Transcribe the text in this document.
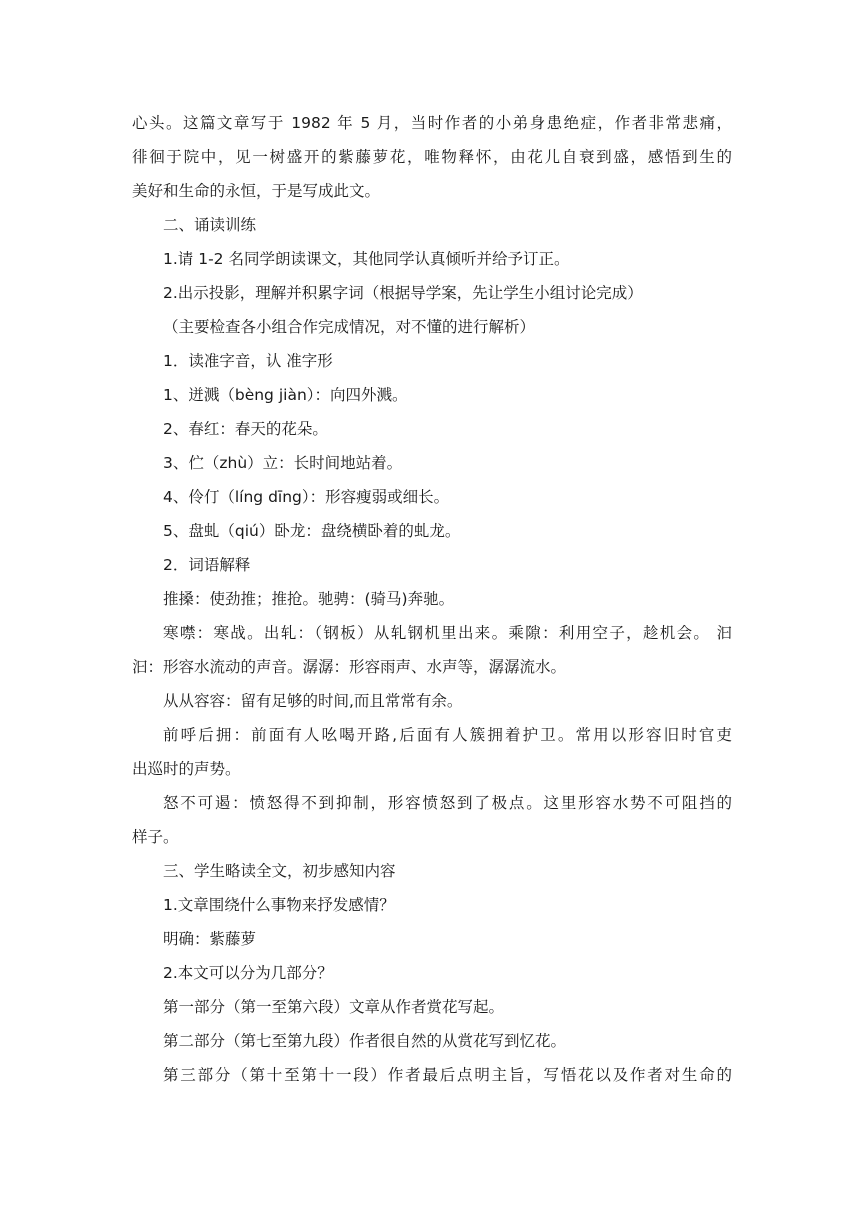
心头。这篇文章写于 1982 年 5 月，当时作者的小弟身患绝症，作者非常悲痛，
徘徊于院中，见一树盛开的紫藤萝花，唯物释怀，由花儿自衰到盛，感悟到生的
美好和生命的永恒，于是写成此文。
二、诵读训练
1.请 1-2 名同学朗读课文，其他同学认真倾听并给予订正。
2.出示投影，理解并积累字词（根据导学案，先让学生小组讨论完成）
（主要检查各小组合作完成情况，对不懂的进行解析）
1．读准字音，认 准字形
1、迸溅（bèng jiàn）：向四外溅。
2、春红：春天的花朵。
3、伫（zhù）立：长时间地站着。
4、伶仃（líng dīng）：形容瘦弱或细长。
5、盘虬（qiú）卧龙：盘绕横卧着的虬龙。
2．词语解释
推搡：使劲推；推抢。驰骋：(骑马)奔驰。
寒噤：寒战。出轧：（钢板）从轧钢机里出来。乘隙：利用空子，趁机会。 汩
汩：形容水流动的声音。潺潺：形容雨声、水声等，潺潺流水。
从从容容：留有足够的时间,而且常常有余。
前呼后拥：前面有人吆喝开路,后面有人簇拥着护卫。常用以形容旧时官吏
出巡时的声势。
怒不可遏：愤怒得不到抑制，形容愤怒到了极点。这里形容水势不可阻挡的
样子。
三、学生略读全文，初步感知内容
1.文章围绕什么事物来抒发感情？
明确：紫藤萝
2.本文可以分为几部分？
第一部分（第一至第六段）文章从作者赏花写起。
第二部分（第七至第九段）作者很自然的从赏花写到忆花。
第三部分（第十至第十一段）作者最后点明主旨，写悟花以及作者对生命的
